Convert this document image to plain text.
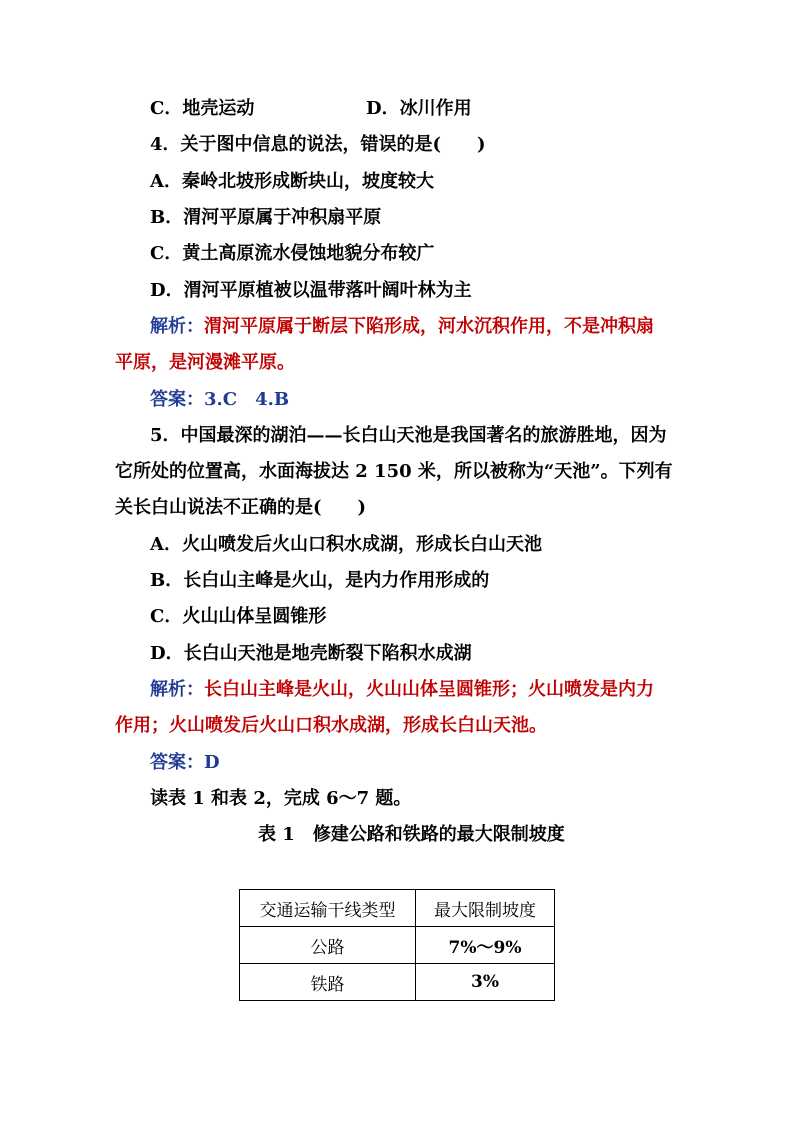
C．地壳运动	D．冰川作用
4．关于图中信息的说法，错误的是(　　)
A．秦岭北坡形成断块山，坡度较大
B．渭河平原属于冲积扇平原
C．黄土高原流水侵蚀地貌分布较广
D．渭河平原植被以温带落叶阔叶林为主
解析：渭河平原属于断层下陷形成，河水沉积作用，不是冲积扇
平原，是河漫滩平原。
答案：3.C　4.B
5．中国最深的湖泊——长白山天池是我国著名的旅游胜地，因为
它所处的位置高，水面海拔达 2 150 米，所以被称为“天池”。下列有
关长白山说法不正确的是(　　)
A．火山喷发后火山口积水成湖，形成长白山天池
B．长白山主峰是火山，是内力作用形成的
C．火山山体呈圆锥形
D．长白山天池是地壳断裂下陷积水成湖
解析：长白山主峰是火山，火山山体呈圆锥形；火山喷发是内力
作用；火山喷发后火山口积水成湖，形成长白山天池。
答案：D
读表 1 和表 2，完成 6～7 题。
表 1　修建公路和铁路的最大限制坡度
交通运输干线类型	最大限制坡度
公路	7%～9%
铁路	3%
